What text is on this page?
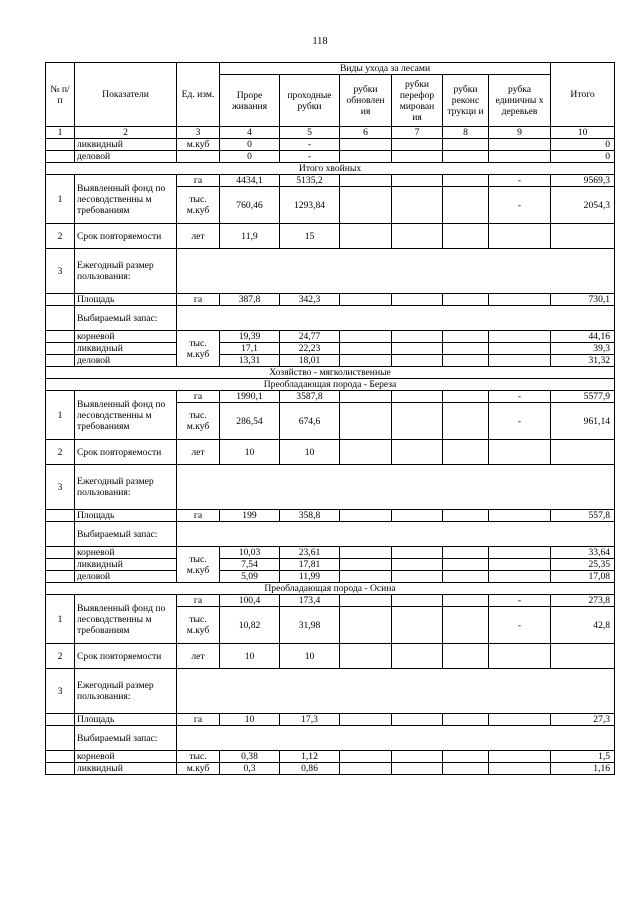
118
№ п/п	Показатели	Ед. изм.	Виды ухода за лесами						Итого
			Проре живания	проходные рубки	рубки обновлен ия	рубки перефор мирован ия	рубки реконс трукци и	рубка единичны х деревьев	
1	2	3	4	5	6	7	8	9	10
	ликвидный	м.куб	0	-					0
	деловой		0	-					0
Итого хвойных									
1	Выявленный фонд по лесоводственны м требованиям	га	4434,1	5135,2				-	9569,3
		тыс. м.куб	760,46	1293,84				-	2054,3
2	Срок повторяемости	лет	11,9	15					
3	Ежегодный размер пользования:								
	Площадь	га	387,8	342,3					730,1
	Выбираемый запас:								
	корневой	тыс. м.куб	19,39	24,77					44,16
	ликвидный		17,1	22,23					39,3
	деловой		13,31	18,01					31,32
Хозяйство - мягколиственные									
Преобладающая порода - Береза									
1	Выявленный фонд по лесоводственны м требованиям	га	1990,1	3587,8				-	5577,9
		тыс. м.куб	286,54	674,6				-	961,14
2	Срок повторяемости	лет	10	10					
3	Ежегодный размер пользования:								
	Площадь	га	199	358,8					557,8
	Выбираемый запас:								
	корневой	тыс. м.куб	10,03	23,61					33,64
	ликвидный		7,54	17,81					25,35
	деловой		5,09	11,99					17,08
Преобладающая порода - Осина									
1	Выявленный фонд по лесоводственны м требованиям	га	100,4	173,4				-	273,8
		тыс. м.куб	10,82	31,98				-	42,8
2	Срок повторяемости	лет	10	10					
3	Ежегодный размер пользования:								
	Площадь	га	10	17,3					27,3
	Выбираемый запас:								
	корневой	тыс.	0,38	1,12					1,5
	ликвидный	м.куб	0,3	0,86					1,16
